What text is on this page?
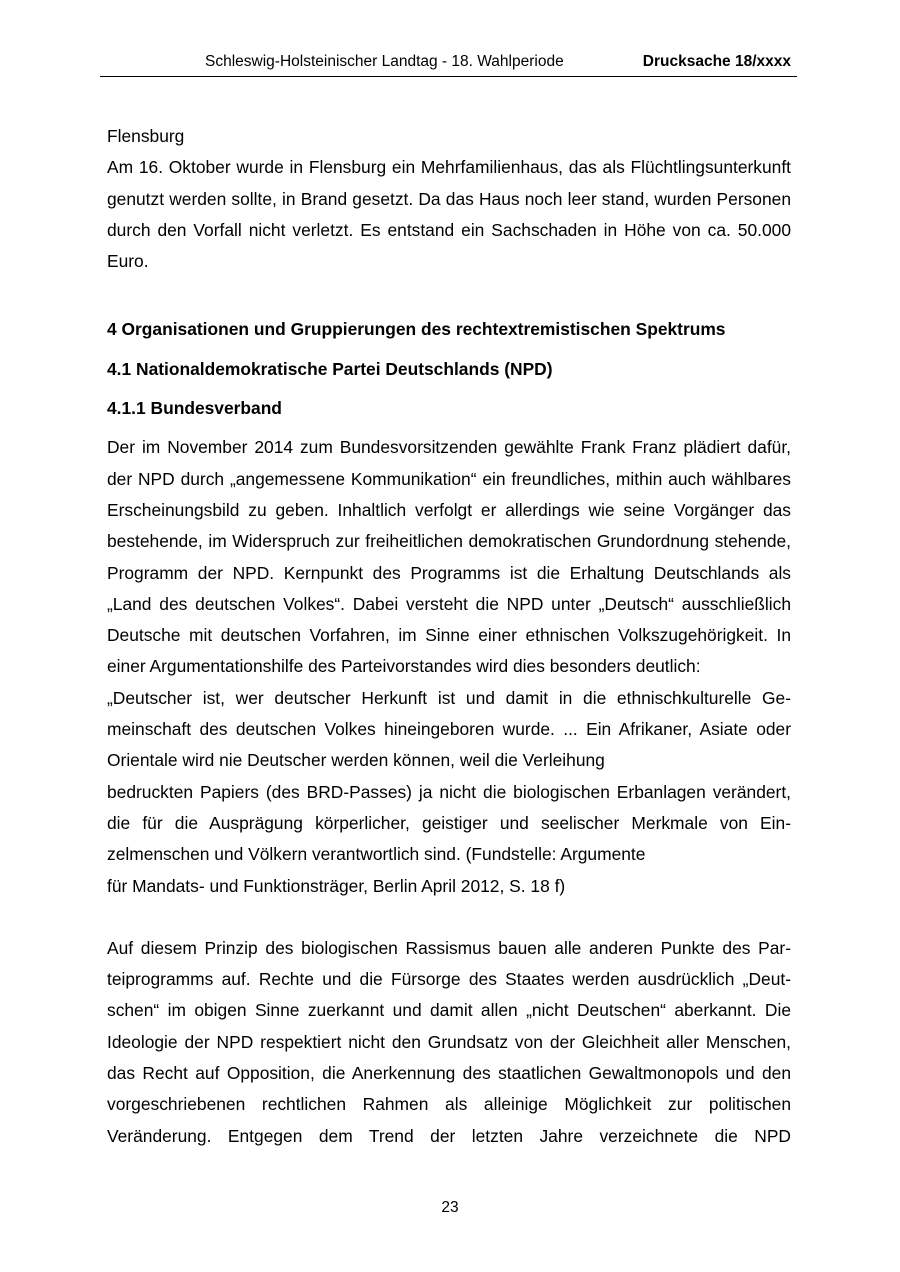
Schleswig-Holsteinischer Landtag - 18. Wahlperiode	Drucksache 18/xxxx

Flensburg

Am 16. Oktober wurde in Flensburg ein Mehrfamilienhaus, das als Flüchtlingsunterkunft genutzt werden sollte, in Brand gesetzt. Da das Haus noch leer stand, wurden Personen durch den Vorfall nicht verletzt. Es entstand ein Sachschaden in Höhe von ca. 50.000 Euro.

4 Organisationen und Gruppierungen des rechtextremistischen Spektrums
4.1 Nationaldemokratische Partei Deutschlands (NPD)
4.1.1 Bundesverband

Der im November 2014 zum Bundesvorsitzenden gewählte Frank Franz plädiert dafür, der NPD durch „angemessene Kommunikation“ ein freundliches, mithin auch wählbares Erscheinungsbild zu geben. Inhaltlich verfolgt er allerdings wie seine Vorgänger das bestehende, im Widerspruch zur freiheitlichen demokratischen Grundordnung stehende, Programm der NPD. Kernpunkt des Programms ist die Erhaltung Deutschlands als „Land des deutschen Volkes“. Dabei versteht die NPD unter „Deutsch“ ausschließlich Deutsche mit deutschen Vorfahren, im Sinne einer ethnischen Volkszugehörigkeit. In einer Argumentationshilfe des Parteivorstandes wird dies besonders deutlich:

„Deutscher ist, wer deutscher Herkunft ist und damit in die ethnischkulturelle Gemeinschaft des deutschen Volkes hineingeboren wurde. ... Ein Afrikaner, Asiate oder Orientale wird nie Deutscher werden können, weil die Verleihung

bedruckten Papiers (des BRD-Passes) ja nicht die biologischen Erbanlagen verändert, die für die Ausprägung körperlicher, geistiger und seelischer Merkmale von Einzelmenschen und Völkern verantwortlich sind. (Fundstelle: Argumente

für Mandats- und Funktionsträger, Berlin April 2012, S. 18 f)

Auf diesem Prinzip des biologischen Rassismus bauen alle anderen Punkte des Parteiprogramms auf. Rechte und die Fürsorge des Staates werden ausdrücklich „Deutschen“ im obigen Sinne zuerkannt und damit allen „nicht Deutschen“ aberkannt. Die Ideologie der NPD respektiert nicht den Grundsatz von der Gleichheit aller Menschen, das Recht auf Opposition, die Anerkennung des staatlichen Gewaltmonopols und den vorgeschriebenen rechtlichen Rahmen als alleinige Möglichkeit zur politischen Veränderung. Entgegen dem Trend der letzten Jahre verzeichnete die NPD

23
